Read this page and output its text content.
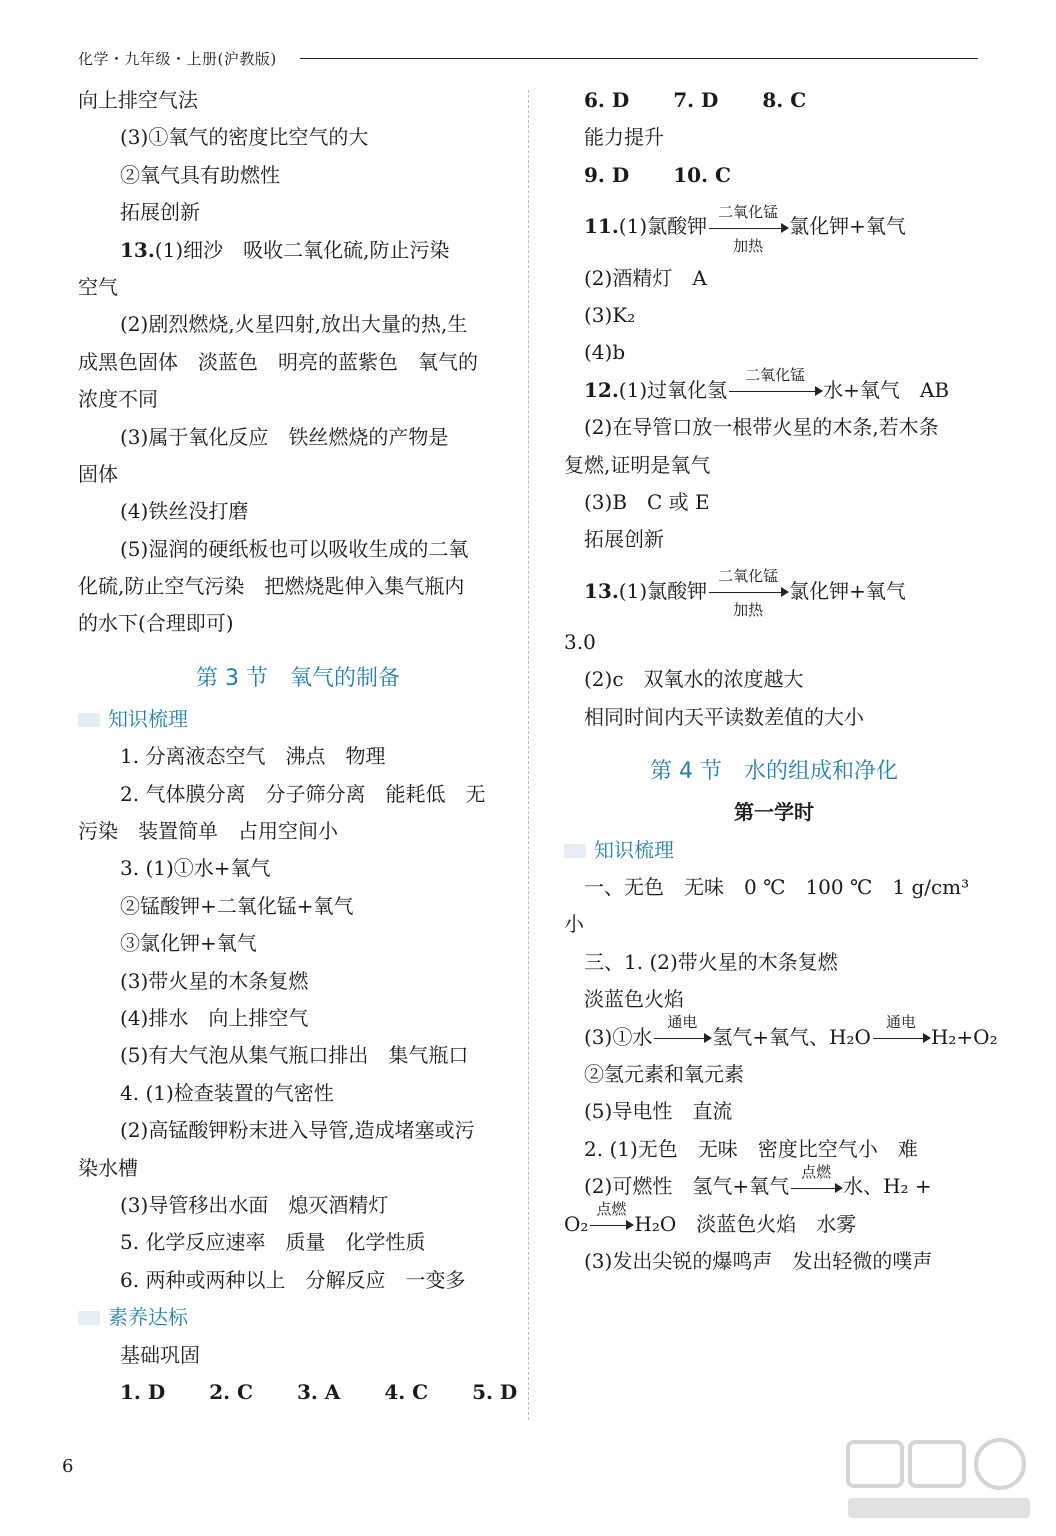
化学・九年级・上册(沪教版)
向上排空气法
(3)①氧气的密度比空气的大
②氧气具有助燃性
拓展创新
13.(1)细沙　吸收二氧化硫,防止污染
空气
(2)剧烈燃烧,火星四射,放出大量的热,生
成黑色固体　淡蓝色　明亮的蓝紫色　氧气的
浓度不同
(3)属于氧化反应　铁丝燃烧的产物是
固体
(4)铁丝没打磨
(5)湿润的硬纸板也可以吸收生成的二氧
化硫,防止空气污染　把燃烧匙伸入集气瓶内
的水下(合理即可)
第 3 节　氧气的制备
知识梳理
1. 分离液态空气　沸点　物理
2. 气体膜分离　分子筛分离　能耗低　无
污染　装置简单　占用空间小
3. (1)①水+氧气
②锰酸钾+二氧化锰+氧气
③氯化钾+氧气
(3)带火星的木条复燃
(4)排水　向上排空气
(5)有大气泡从集气瓶口排出　集气瓶口
4. (1)检查装置的气密性
(2)高锰酸钾粉末进入导管,造成堵塞或污
染水槽
(3)导管移出水面　熄灭酒精灯
5. 化学反应速率　质量　化学性质
6. 两种或两种以上　分解反应　一变多
素养达标
基础巩固
1. D 2. C 3. A 4. C 5. D
6. D 7. D 8. C
能力提升
9. D 10. C
11.(1)氯酸钾
二氧化锰
加热
氯化钾+氧气
(2)酒精灯　A
(3)K₂
(4)b
12.(1)过氧化氢
二氧化锰
水+氧气　AB
(2)在导管口放一根带火星的木条,若木条
复燃,证明是氧气
(3)B　C 或 E
拓展创新
13.(1)氯酸钾
二氧化锰
加热
氯化钾+氧气
3.0
(2)c　双氧水的浓度越大
相同时间内天平读数差值的大小
第 4 节　水的组成和净化
第一学时
知识梳理
一、无色　无味　0 ℃　100 ℃　1 g/cm³
小
三、1. (2)带火星的木条复燃
淡蓝色火焰
(3)①水
通电
氢气+氧气、H₂O
通电
H₂+O₂
②氢元素和氧元素
(5)导电性　直流
2. (1)无色　无味　密度比空气小　难
(2)可燃性　氢气+氧气
点燃
水、H₂ +
O₂
点燃
H₂O　淡蓝色火焰　水雾
(3)发出尖锐的爆鸣声　发出轻微的噗声
6
